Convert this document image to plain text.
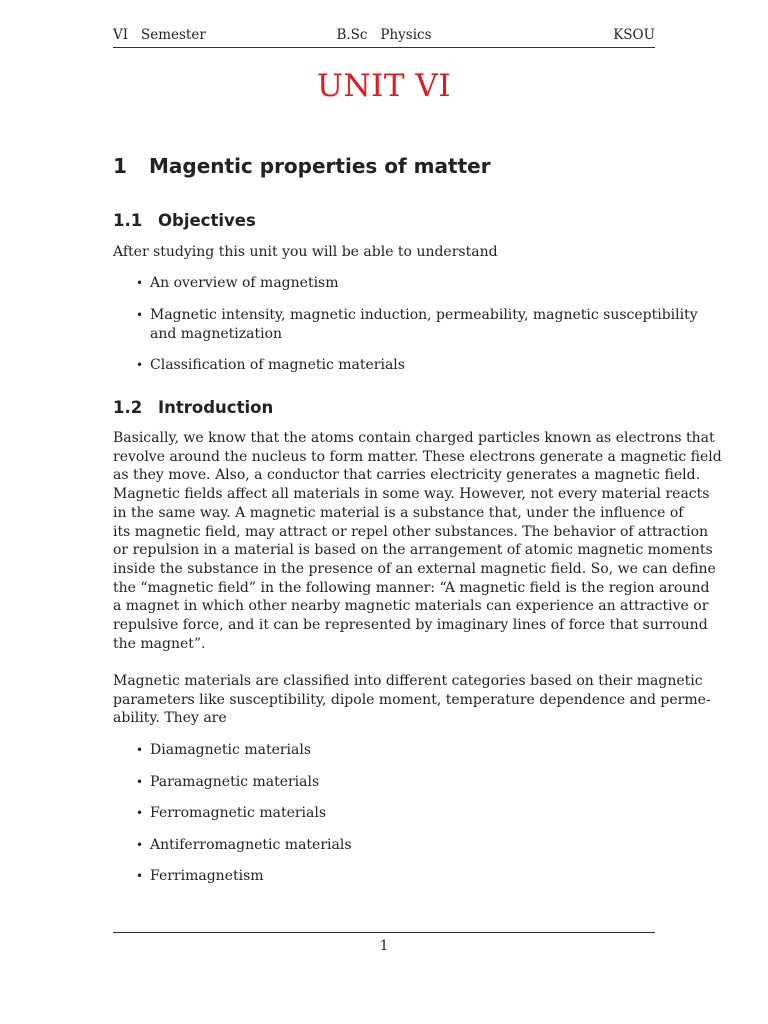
VI   Semester	B.Sc   Physics	KSOU
UNIT VI
1 Magentic properties of matter
1.1 Objectives

After studying this unit you will be able to understand

• An overview of magnetism
• Magnetic intensity, magnetic induction, permeability, magnetic susceptibility
and magnetization
• Classification of magnetic materials
1.2 Introduction

Basically, we know that the atoms contain charged particles known as electrons that
revolve around the nucleus to form matter. These electrons generate a magnetic field
as they move. Also, a conductor that carries electricity generates a magnetic field.
Magnetic fields affect all materials in some way. However, not every material reacts
in the same way. A magnetic material is a substance that, under the influence of
its magnetic field, may attract or repel other substances. The behavior of attraction
or repulsion in a material is based on the arrangement of atomic magnetic moments
inside the substance in the presence of an external magnetic field. So, we can define
the “magnetic field” in the following manner: “A magnetic field is the region around
a magnet in which other nearby magnetic materials can experience an attractive or
repulsive force, and it can be represented by imaginary lines of force that surround
the magnet”.

Magnetic materials are classified into different categories based on their magnetic
parameters like susceptibility, dipole moment, temperature dependence and perme-
ability. They are

• Diamagnetic materials
• Paramagnetic materials
• Ferromagnetic materials
• Antiferromagnetic materials
• Ferrimagnetism
1
